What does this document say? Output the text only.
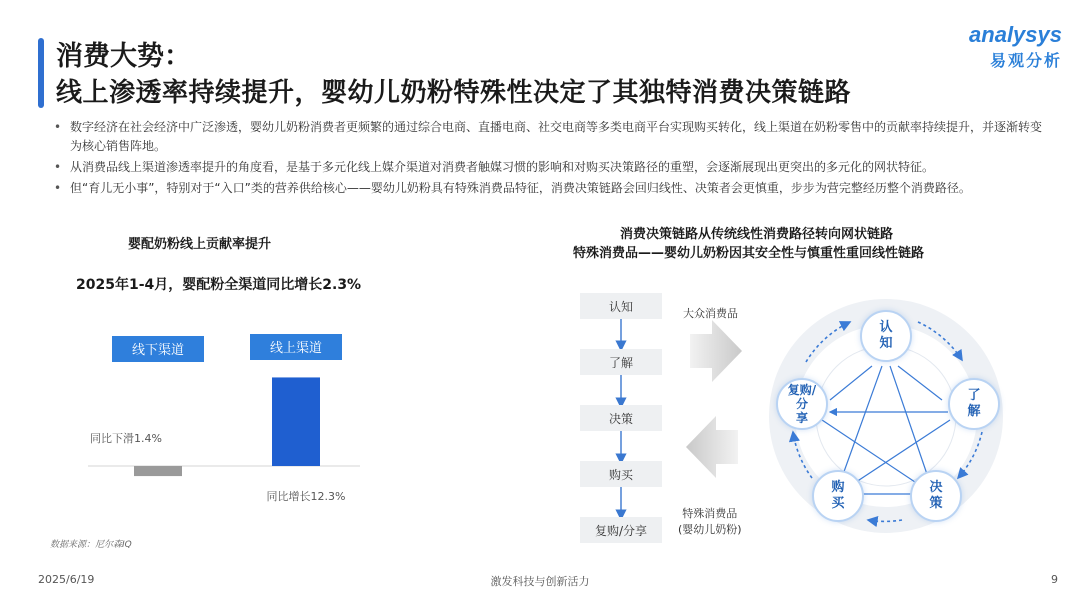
消费大势：
线上渗透率持续提升，婴幼儿奶粉特殊性决定了其独特消费决策链路
analysys
易观分析
• 数字经济在社会经济中广泛渗透，婴幼儿奶粉消费者更频繁的通过综合电商、直播电商、社交电商等多类电商平台实现购买转化，线上渠道在奶粉零售中的贡献率持续提升，并逐渐转变为核心销售阵地。
• 从消费品线上渠道渗透率提升的角度看，是基于多元化线上媒介渠道对消费者触媒习惯的影响和对购买决策路径的重塑，会逐渐展现出更突出的多元化的网状特征。
• 但“育儿无小事”，特别对于“入口”类的营养供给核心——婴幼儿奶粉具有特殊消费品特征，消费决策链路会回归线性、决策者会更慎重，步步为营完整经历整个消费路径。
婴配奶粉线上贡献率提升
2025年1-4月，婴配粉全渠道同比增长2.3%
线下渠道
同比下滑1.4%
线上渠道
同比增长12.3%
数据来源：尼尔森IQ
消费决策链路从传统线性消费路径转向网状链路
特殊消费品——婴幼儿奶粉因其安全性与慎重性重回线性链路
认知
了解
决策
购买
复购/分享
大众消费品
特殊消费品
(婴幼儿奶粉)
认
知
了
解
决
策
购
买
复购/
分
享
2025/6/19	激发科技与创新活力	9
